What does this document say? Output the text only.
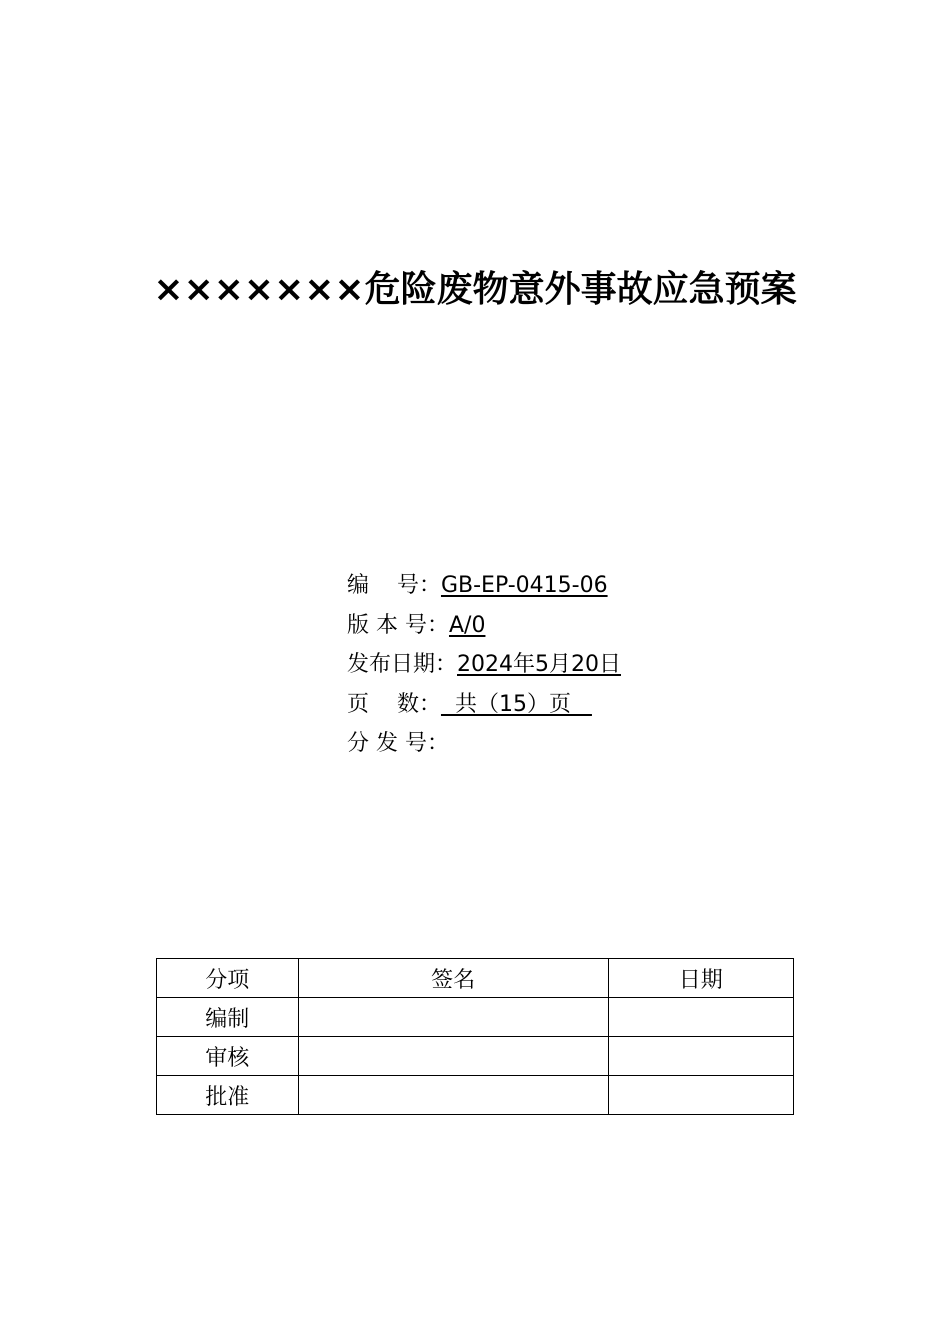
×××××××危险废物意外事故应急预案

编    号：GB-EP-0415-06

版 本 号：A/0

发布日期：2024年5月20日

页    数：  共（15）页

分 发 号：

分项	签名	日期
编制		
审核		
批准		
